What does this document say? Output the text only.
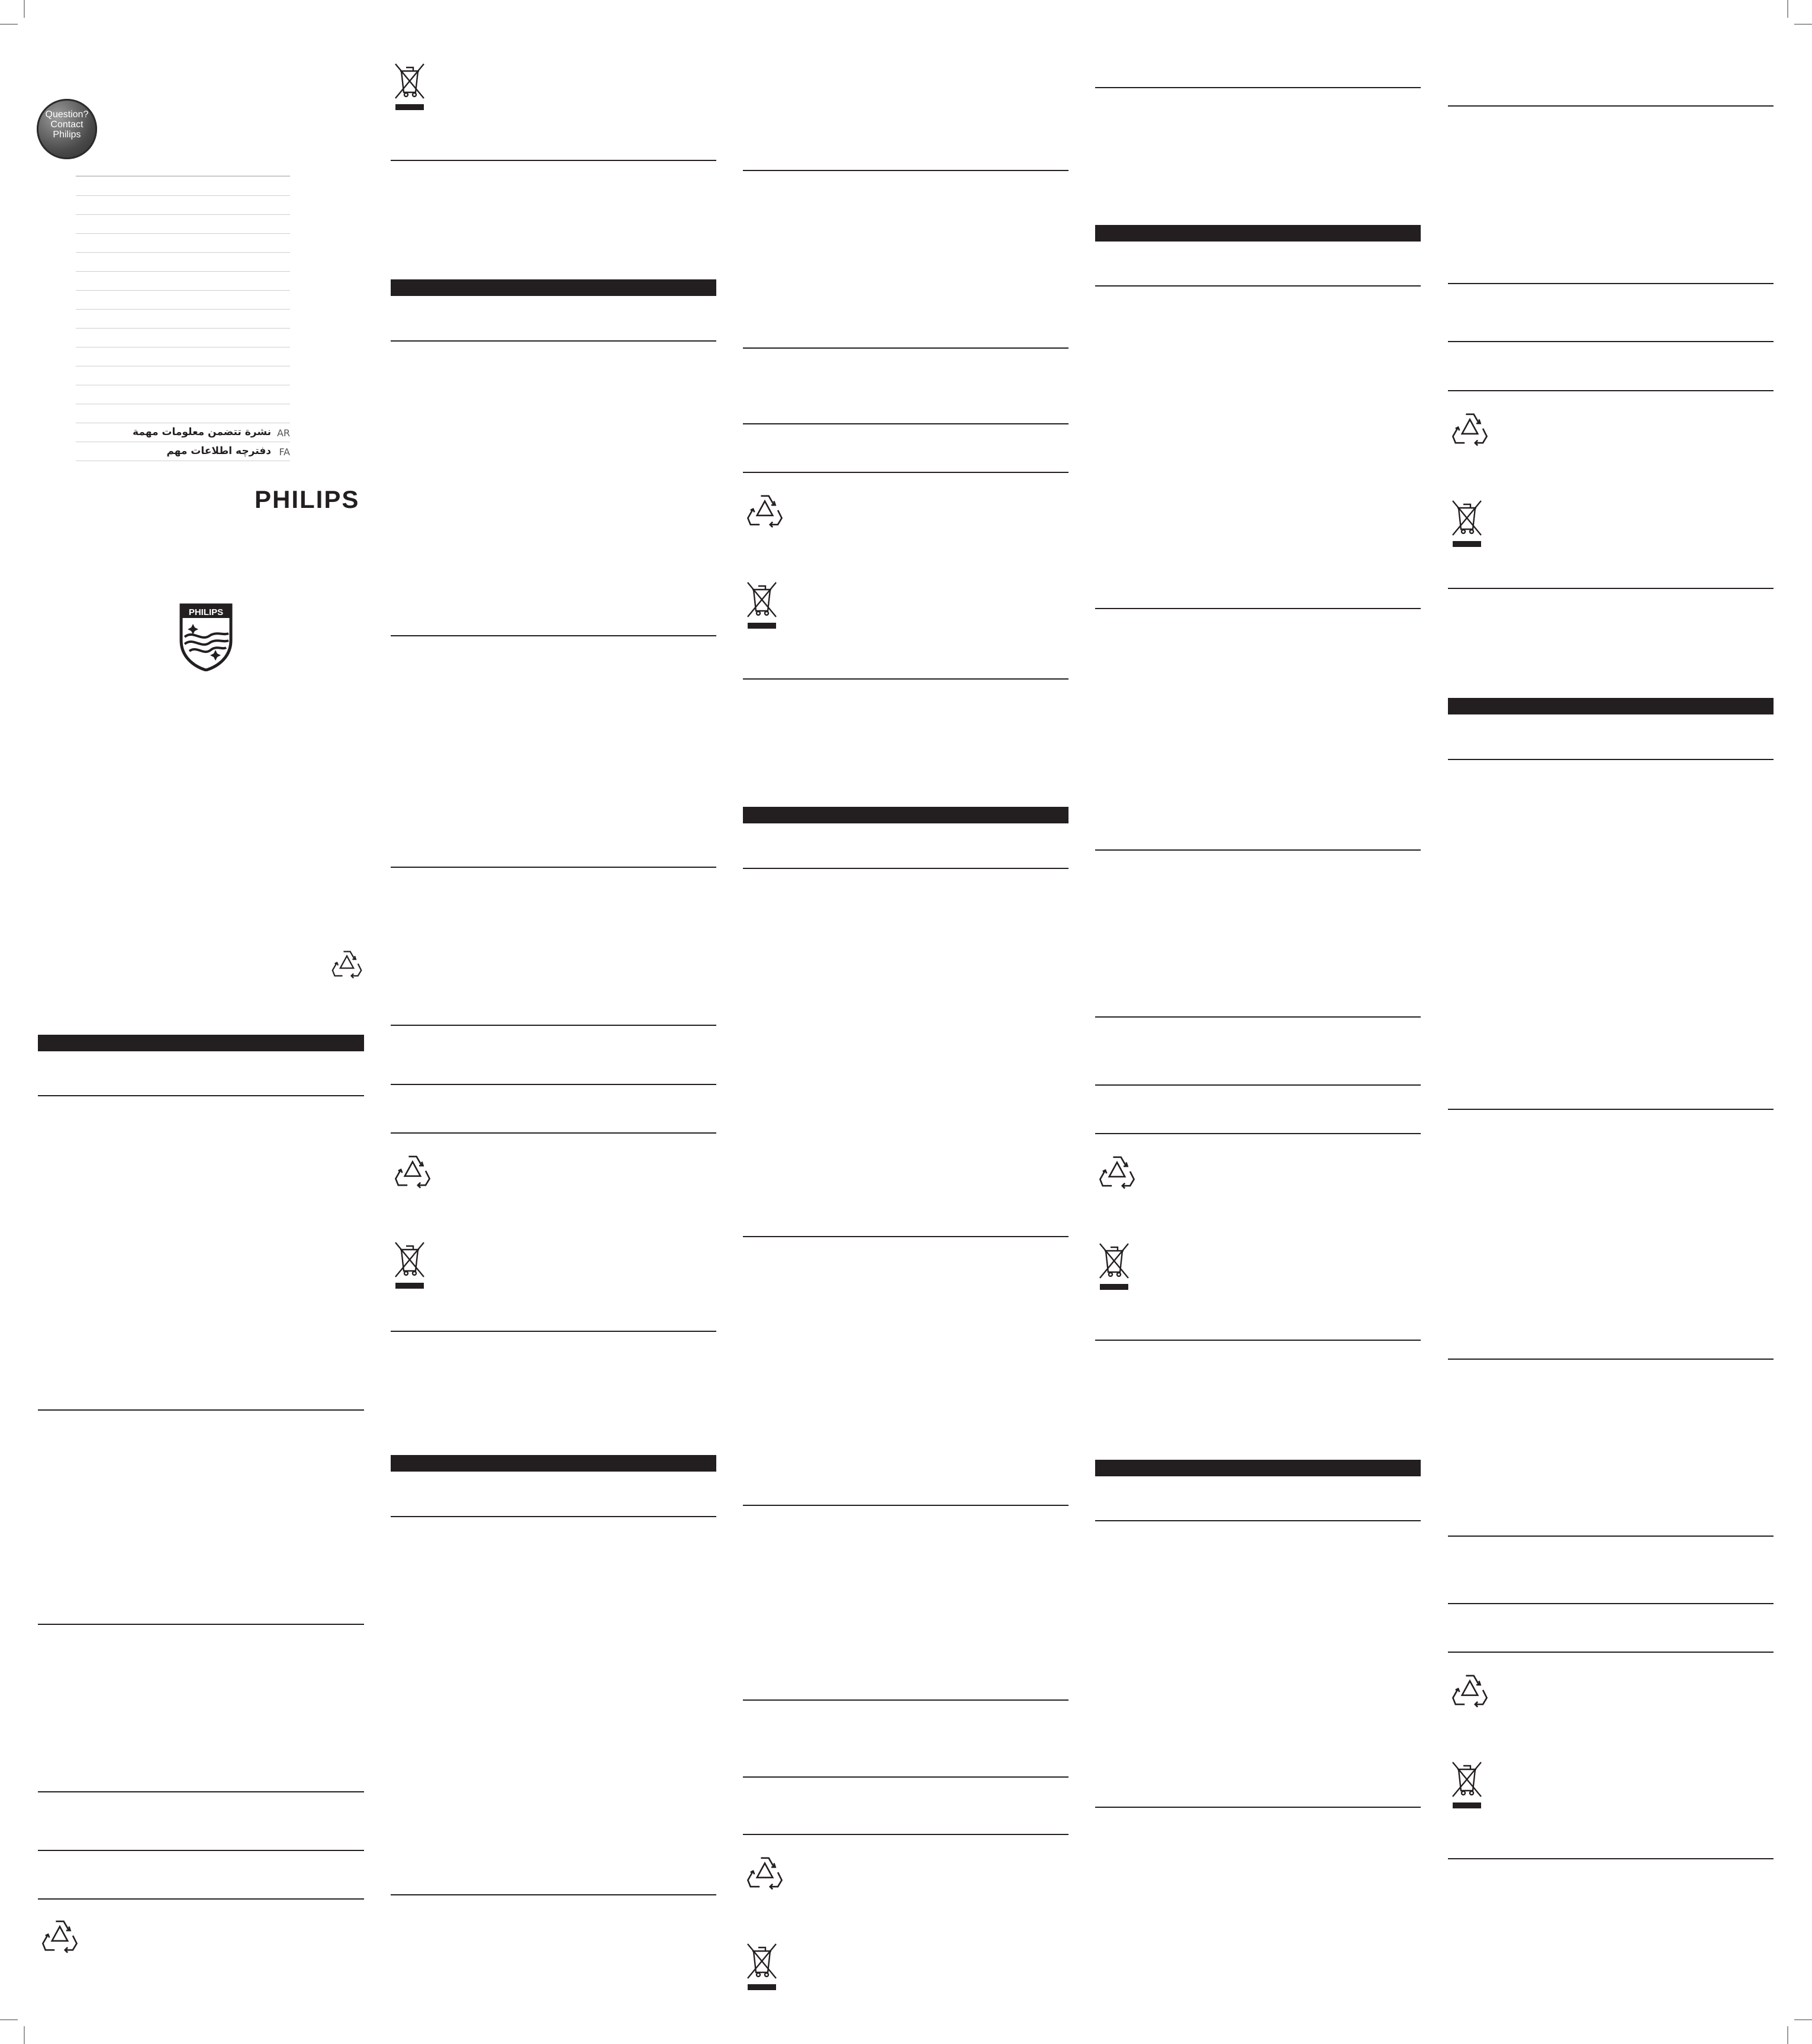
Question?
Contact
Philips
نشرة تتضمن معلومات مهمة AR
دفترچه اطلاعات مهم FA
PHILIPS
PHILIPS
